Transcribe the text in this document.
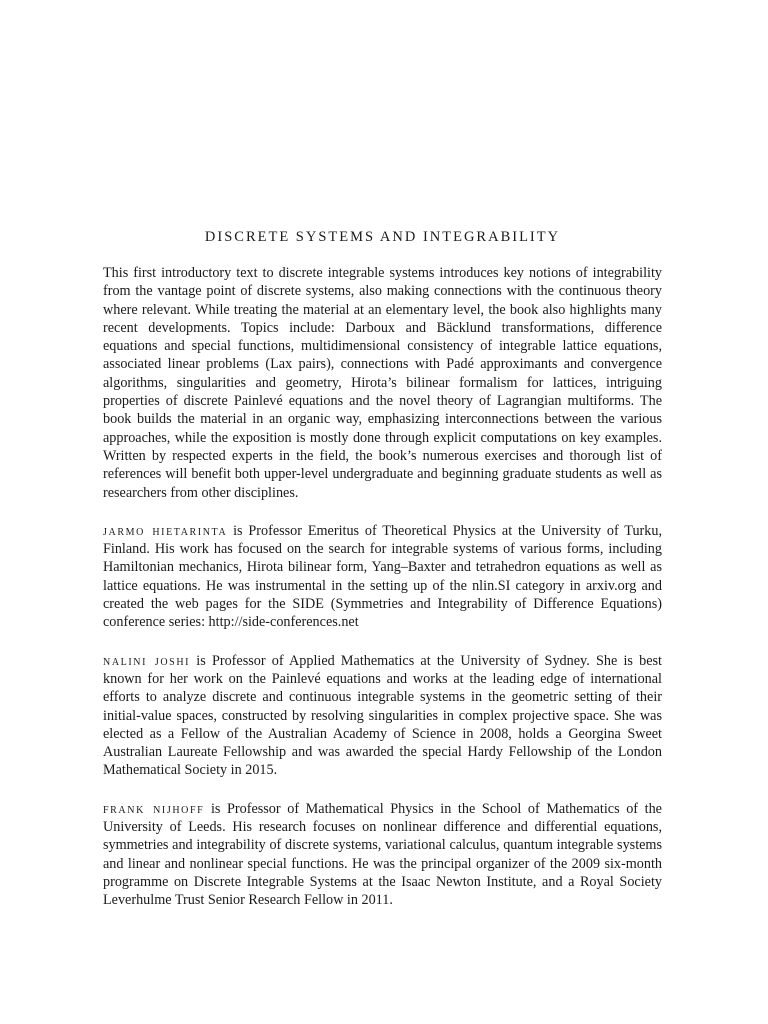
DISCRETE SYSTEMS AND INTEGRABILITY

This first introductory text to discrete integrable systems introduces key notions of integrability from the vantage point of discrete systems, also making connections with the continuous theory where relevant. While treating the material at an elementary level, the book also highlights many recent developments. Topics include: Darboux and Bäcklund transformations, difference equations and special functions, multidimensional consistency of integrable lattice equations, associated linear problems (Lax pairs), connections with Padé approximants and convergence algorithms, singularities and geometry, Hirota’s bilinear formalism for lattices, intriguing properties of discrete Painlevé equations and the novel theory of Lagrangian multiforms. The book builds the material in an organic way, emphasizing interconnections between the various approaches, while the exposition is mostly done through explicit computations on key examples. Written by respected experts in the field, the book’s numerous exercises and thorough list of references will benefit both upper-level undergraduate and beginning graduate students as well as researchers from other disciplines.

jarmo hietarinta is Professor Emeritus of Theoretical Physics at the University of Turku, Finland. His work has focused on the search for integrable systems of various forms, including Hamiltonian mechanics, Hirota bilinear form, Yang–Baxter and tetrahedron equations as well as lattice equations. He was instrumental in the setting up of the nlin.SI category in arxiv.org and created the web pages for the SIDE (Symmetries and Integrability of Difference Equations) conference series: http://side-conferences.net

nalini joshi is Professor of Applied Mathematics at the University of Sydney. She is best known for her work on the Painlevé equations and works at the leading edge of international efforts to analyze discrete and continuous integrable systems in the geometric setting of their initial-value spaces, constructed by resolving singularities in complex projective space. She was elected as a Fellow of the Australian Academy of Science in 2008, holds a Georgina Sweet Australian Laureate Fellowship and was awarded the special Hardy Fellowship of the London Mathematical Society in 2015.

frank nijhoff is Professor of Mathematical Physics in the School of Mathematics of the University of Leeds. His research focuses on nonlinear difference and differential equations, symmetries and integrability of discrete systems, variational calculus, quantum integrable systems and linear and nonlinear special functions. He was the principal organizer of the 2009 six-month programme on Discrete Integrable Systems at the Isaac Newton Institute, and a Royal Society Leverhulme Trust Senior Research Fellow in 2011.
